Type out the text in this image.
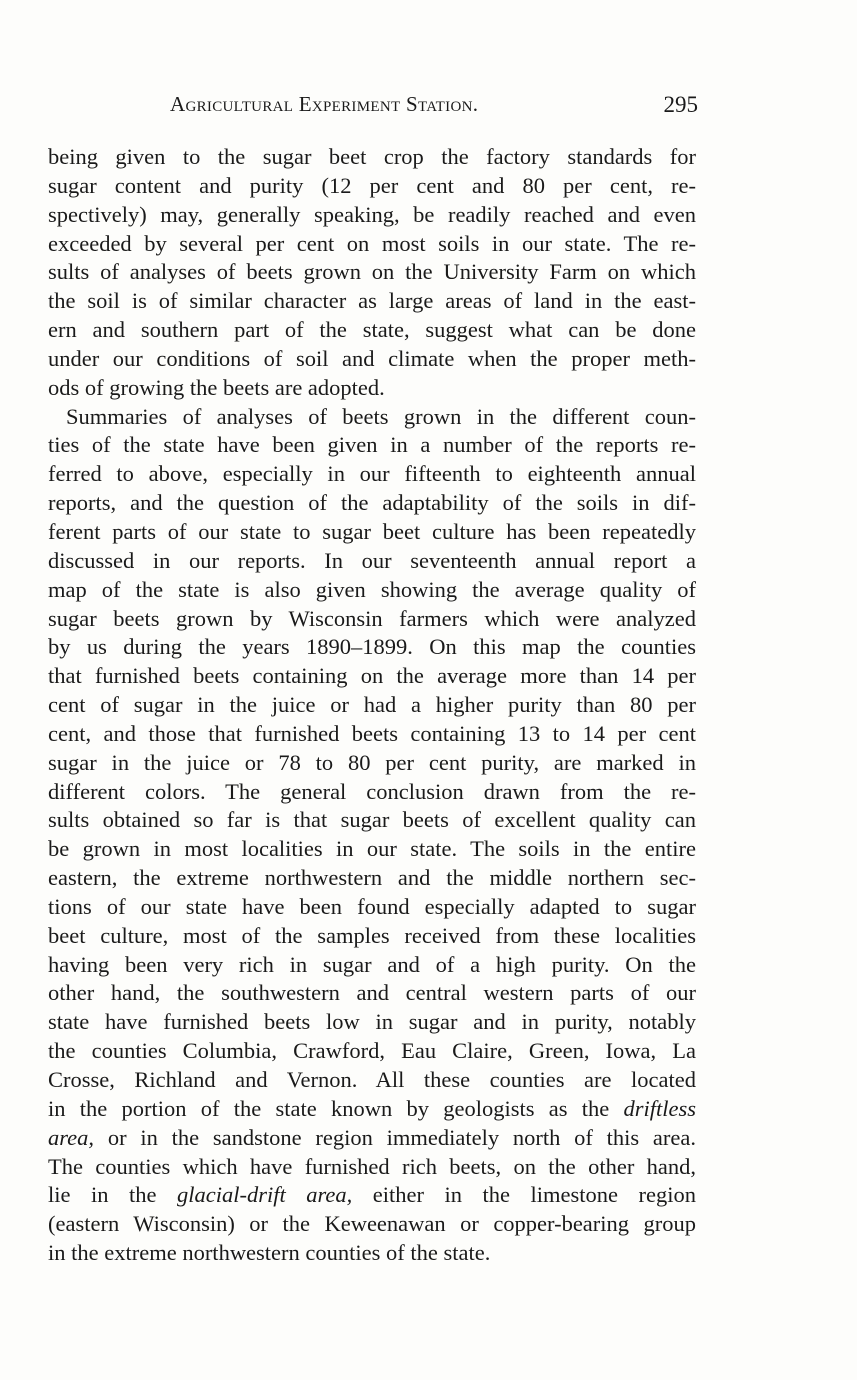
Agricultural Experiment Station.	295
being given to the sugar beet crop the factory standards for
sugar content and purity (12 per cent and 80 per cent, re-
spectively) may, generally speaking, be readily reached and even
exceeded by several per cent on most soils in our state. The re-
sults of analyses of beets grown on the University Farm on which
the soil is of similar character as large areas of land in the east-
ern and southern part of the state, suggest what can be done
under our conditions of soil and climate when the proper meth-
ods of growing the beets are adopted.
Summaries of analyses of beets grown in the different coun-
ties of the state have been given in a number of the reports re-
ferred to above, especially in our fifteenth to eighteenth annual
reports, and the question of the adaptability of the soils in dif-
ferent parts of our state to sugar beet culture has been repeatedly
discussed in our reports. In our seventeenth annual report a
map of the state is also given showing the average quality of
sugar beets grown by Wisconsin farmers which were analyzed
by us during the years 1890–1899. On this map the counties
that furnished beets containing on the average more than 14 per
cent of sugar in the juice or had a higher purity than 80 per
cent, and those that furnished beets containing 13 to 14 per cent
sugar in the juice or 78 to 80 per cent purity, are marked in
different colors. The general conclusion drawn from the re-
sults obtained so far is that sugar beets of excellent quality can
be grown in most localities in our state. The soils in the entire
eastern, the extreme northwestern and the middle northern sec-
tions of our state have been found especially adapted to sugar
beet culture, most of the samples received from these localities
having been very rich in sugar and of a high purity. On the
other hand, the southwestern and central western parts of our
state have furnished beets low in sugar and in purity, notably
the counties Columbia, Crawford, Eau Claire, Green, Iowa, La
Crosse, Richland and Vernon. All these counties are located
in the portion of the state known by geologists as the driftless
area, or in the sandstone region immediately north of this area.
The counties which have furnished rich beets, on the other hand,
lie in the glacial-drift area, either in the limestone region
(eastern Wisconsin) or the Keweenawan or copper-bearing group
in the extreme northwestern counties of the state.
